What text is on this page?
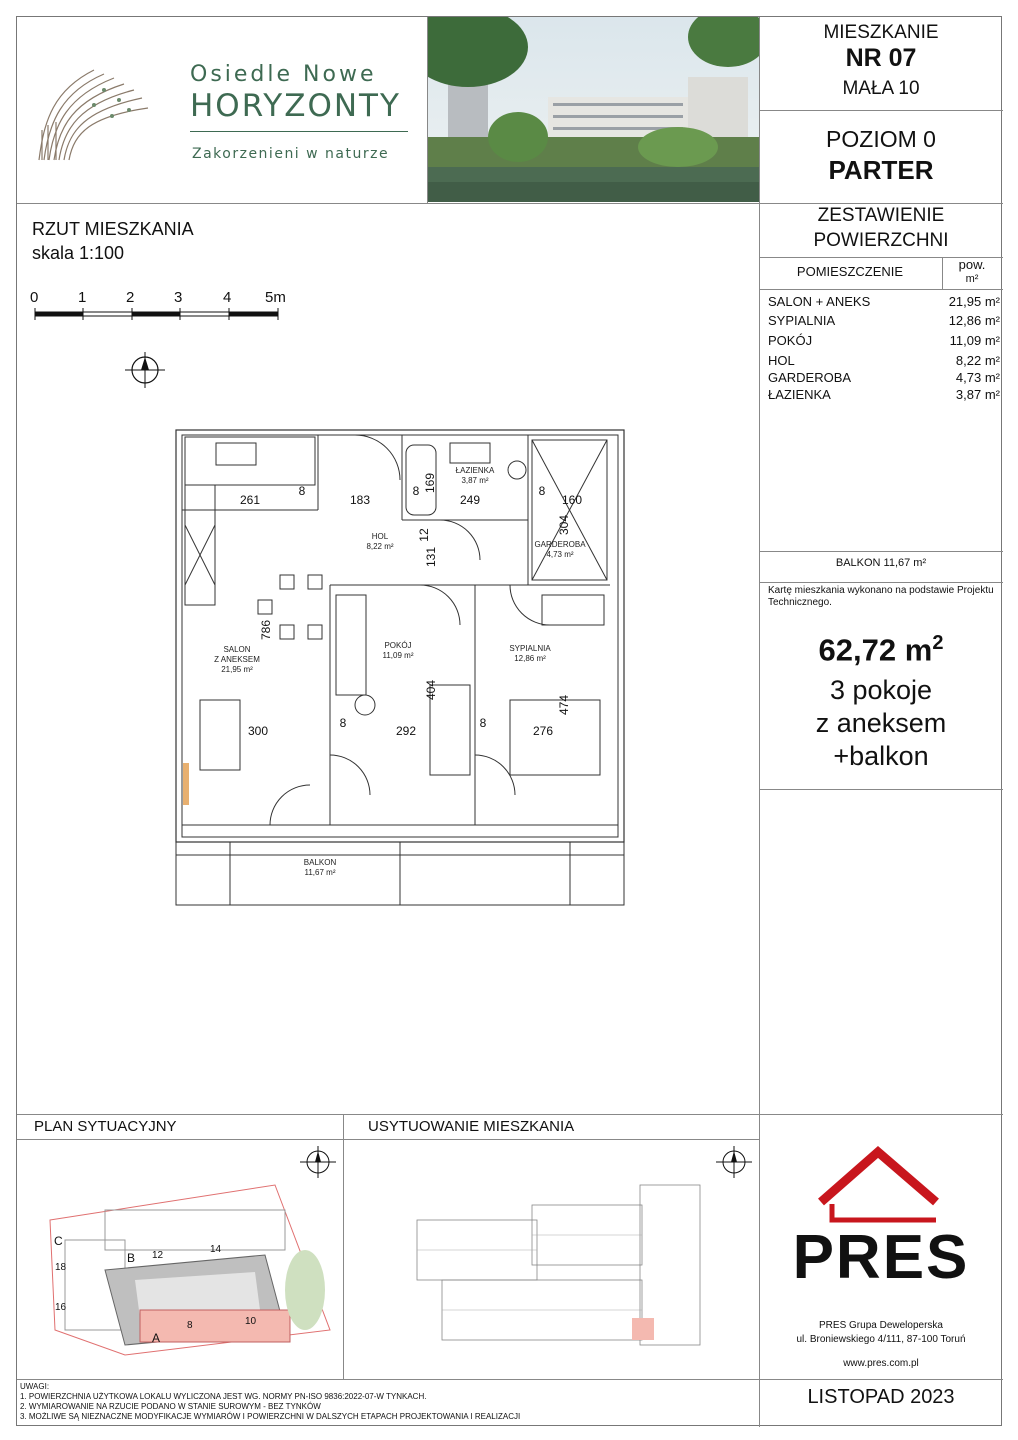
Osiedle Nowe
HORYZONTY
Zakorzenieni w naturze
MIESZKANIE
NR 07
MAŁA 10
POZIOM 0
PARTER
ZESTAWIENIE
POWIERZCHNI
POMIESZCZENIE	pow.
m²
SALON + ANEKS	21,95 m²
SYPIALNIA	12,86 m²
POKÓJ	11,09 m²
HOL	8,22 m²
GARDEROBA	4,73 m²
ŁAZIENKA	3,87 m²
BALKON 11,67 m²
Kartę mieszkania wykonano na podstawie Projektu Technicznego.
62,72 $m^2$
3 pokoje
z aneksem
+balkon
RZUT MIESZKANIA
skala 1:100
0	1	2	3	4 5m
ŁAZIENKA
3,87 m²
HOL
8,22 m²	GARDEROBA
4,73 m²
SALON
Z ANEKSEM
21,95 m²
POKÓJ
11,09 m²
SYPIALNIA
12,86 m²
BALKON
11,67 m²
261
8
183
8 169
249
8
160
304
131
12
786
300
8
292
404
8
276
474
PLAN SYTUACYJNY
C
18
B 12
14
16
8	10
A
USYTUOWANIE MIESZKANIA
PRES
PRES Grupa Deweloperska
ul. Broniewskiego 4/111, 87-100 Toruń
www.pres.com.pl
LISTOPAD 2023
UWAGI:
1. POWIERZCHNIA UŻYTKOWA LOKALU WYLICZONA JEST WG. NORMY PN-ISO 9836:2022-07-W TYNKACH.
2. WYMIAROWANIE NA RZUCIE PODANO W STANIE SUROWYM - BEZ TYNKÓW
3. MOŻLIWE SĄ NIEZNACZNE MODYFIKACJE WYMIARÓW I POWIERZCHNI W DALSZYCH ETAPACH PROJEKTOWANIA I REALIZACJI
